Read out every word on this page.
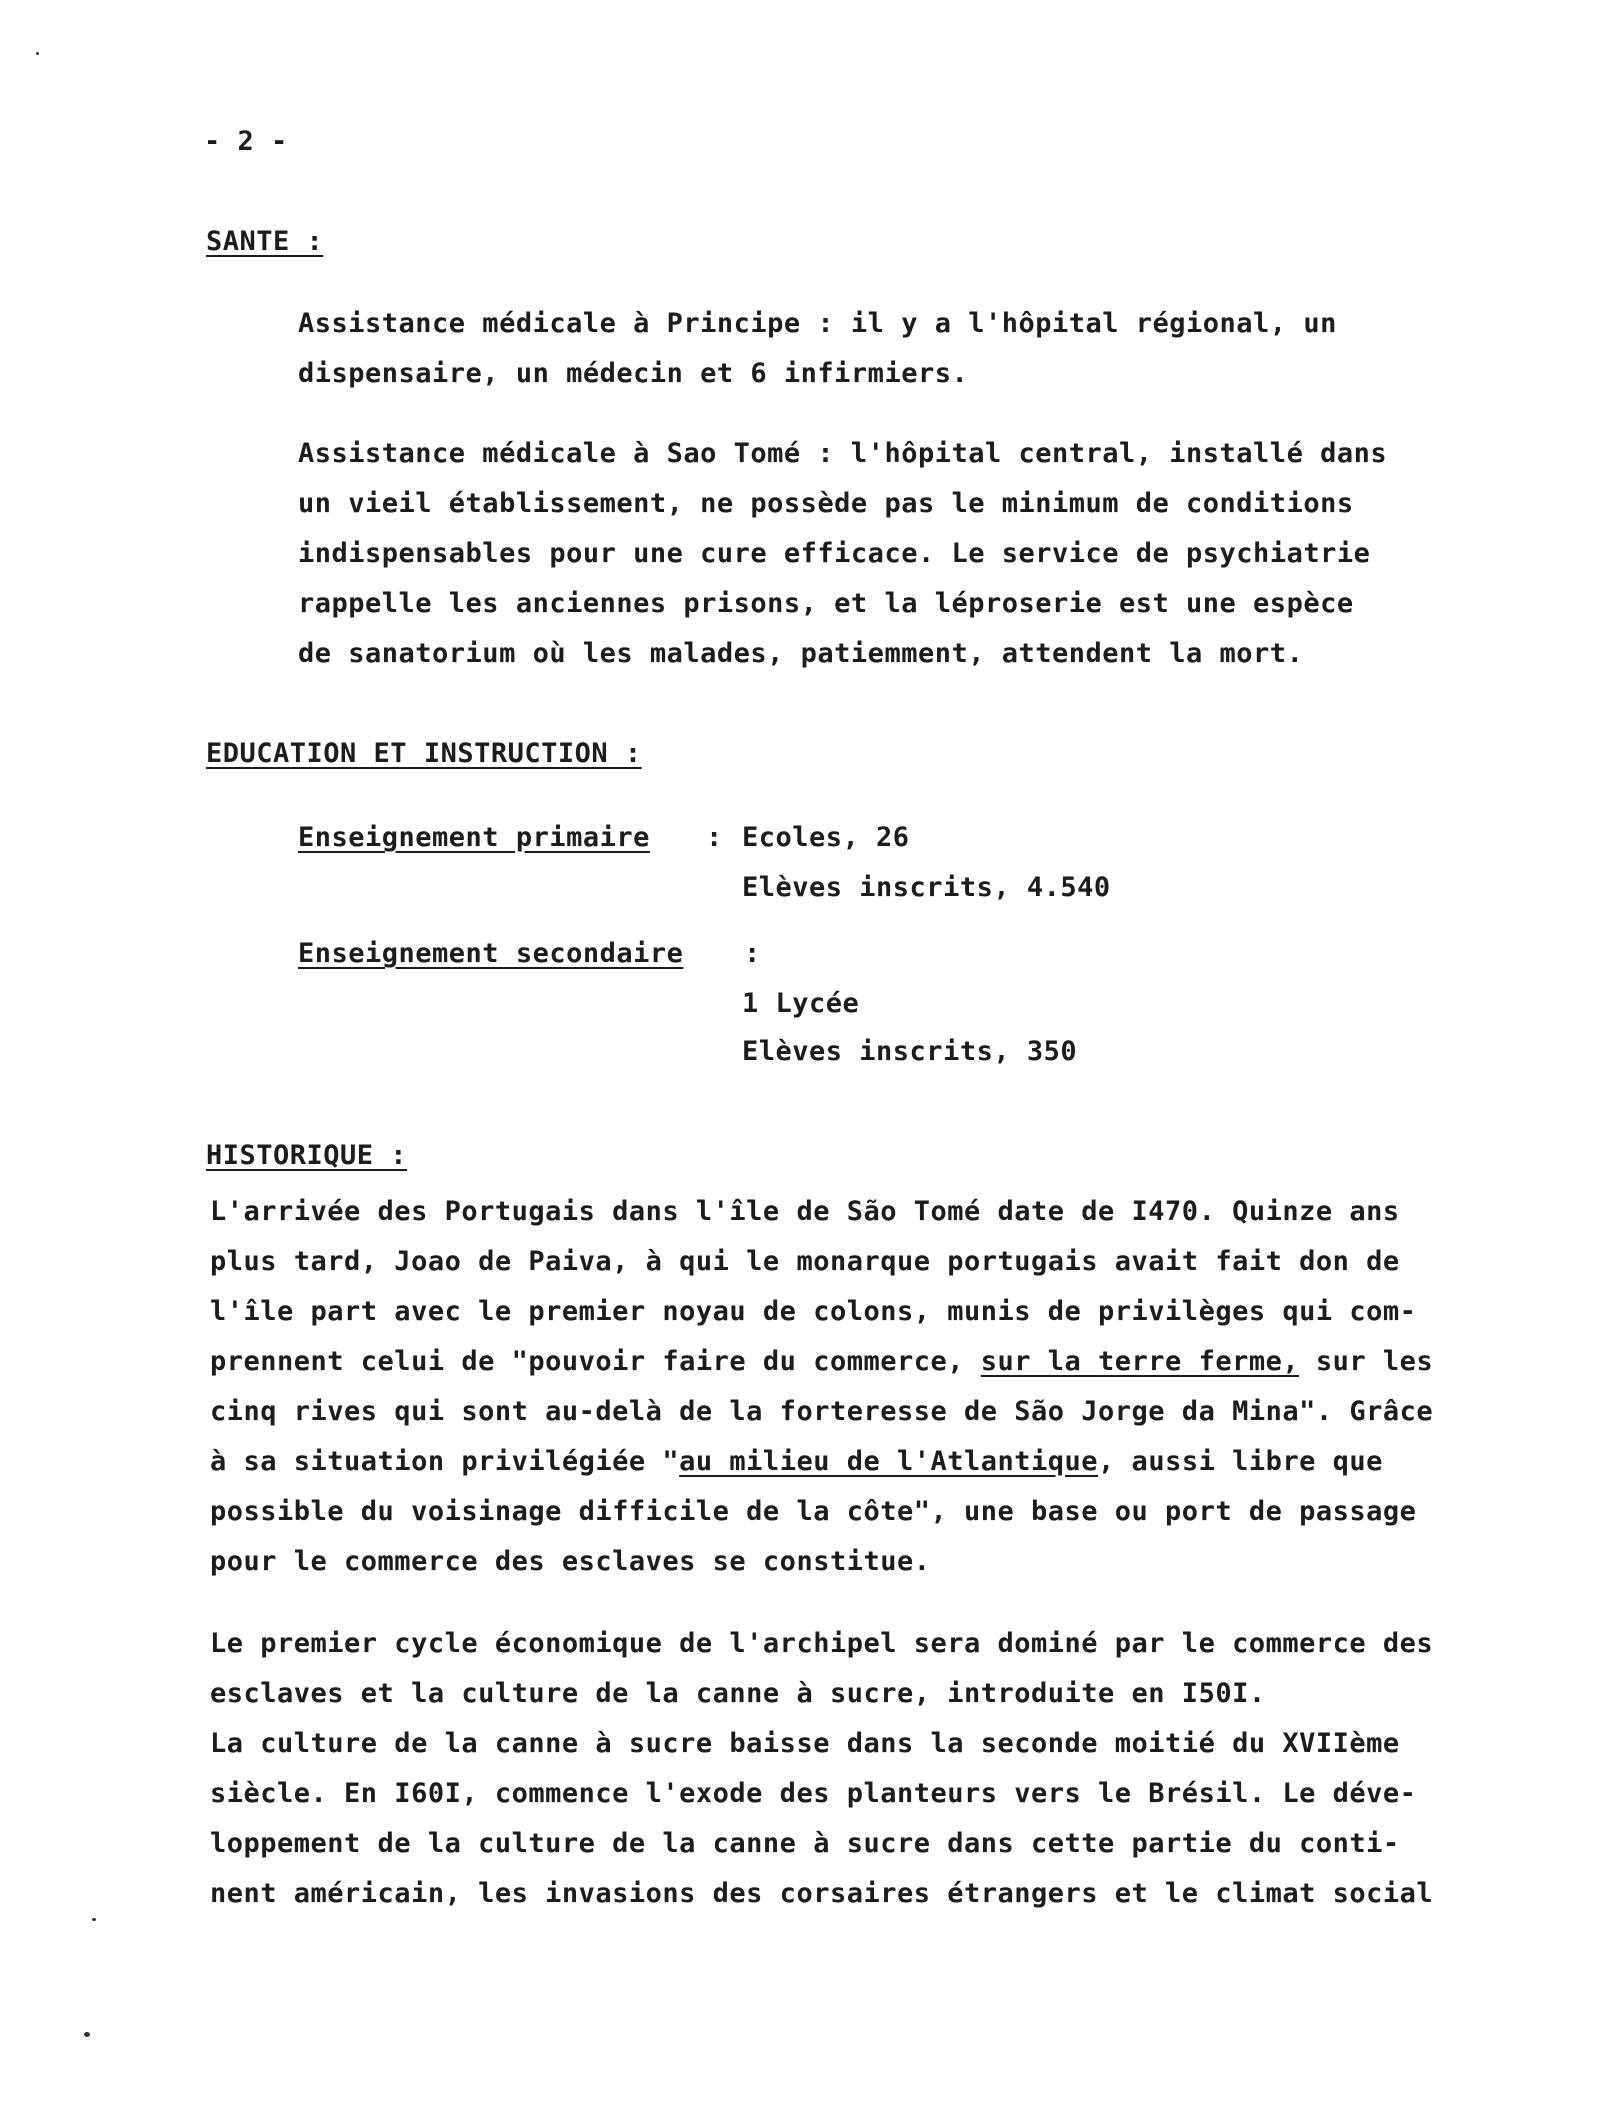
- 2 -
SANTE :
Assistance médicale à Principe : il y a l'hôpital régional, un
dispensaire, un médecin et 6 infirmiers.
Assistance médicale à Sao Tomé : l'hôpital central, installé dans
un vieil établissement, ne possède pas le minimum de conditions
indispensables pour une cure efficace. Le service de psychiatrie
rappelle les anciennes prisons, et la léproserie est une espèce
de sanatorium où les malades, patiemment, attendent la mort.
EDUCATION ET INSTRUCTION :
Enseignement primaire : Ecoles, 26
Elèves inscrits, 4.540
Enseignement secondaire :
1 Lycée
Elèves inscrits, 350
HISTORIQUE :
L'arrivée des Portugais dans l'île de São Tomé date de I470. Quinze ans
plus tard, Joao de Paiva, à qui le monarque portugais avait fait don de
l'île part avec le premier noyau de colons, munis de privilèges qui com-
prennent celui de "pouvoir faire du commerce, sur la terre ferme, sur les
cinq rives qui sont au-delà de la forteresse de São Jorge da Mina". Grâce
à sa situation privilégiée "au milieu de l'Atlantique, aussi libre que
possible du voisinage difficile de la côte", une base ou port de passage
pour le commerce des esclaves se constitue.
Le premier cycle économique de l'archipel sera dominé par le commerce des
esclaves et la culture de la canne à sucre, introduite en I50I.
La culture de la canne à sucre baisse dans la seconde moitié du XVIIème
siècle. En I60I, commence l'exode des planteurs vers le Brésil. Le déve-
loppement de la culture de la canne à sucre dans cette partie du conti-
nent américain, les invasions des corsaires étrangers et le climat social
